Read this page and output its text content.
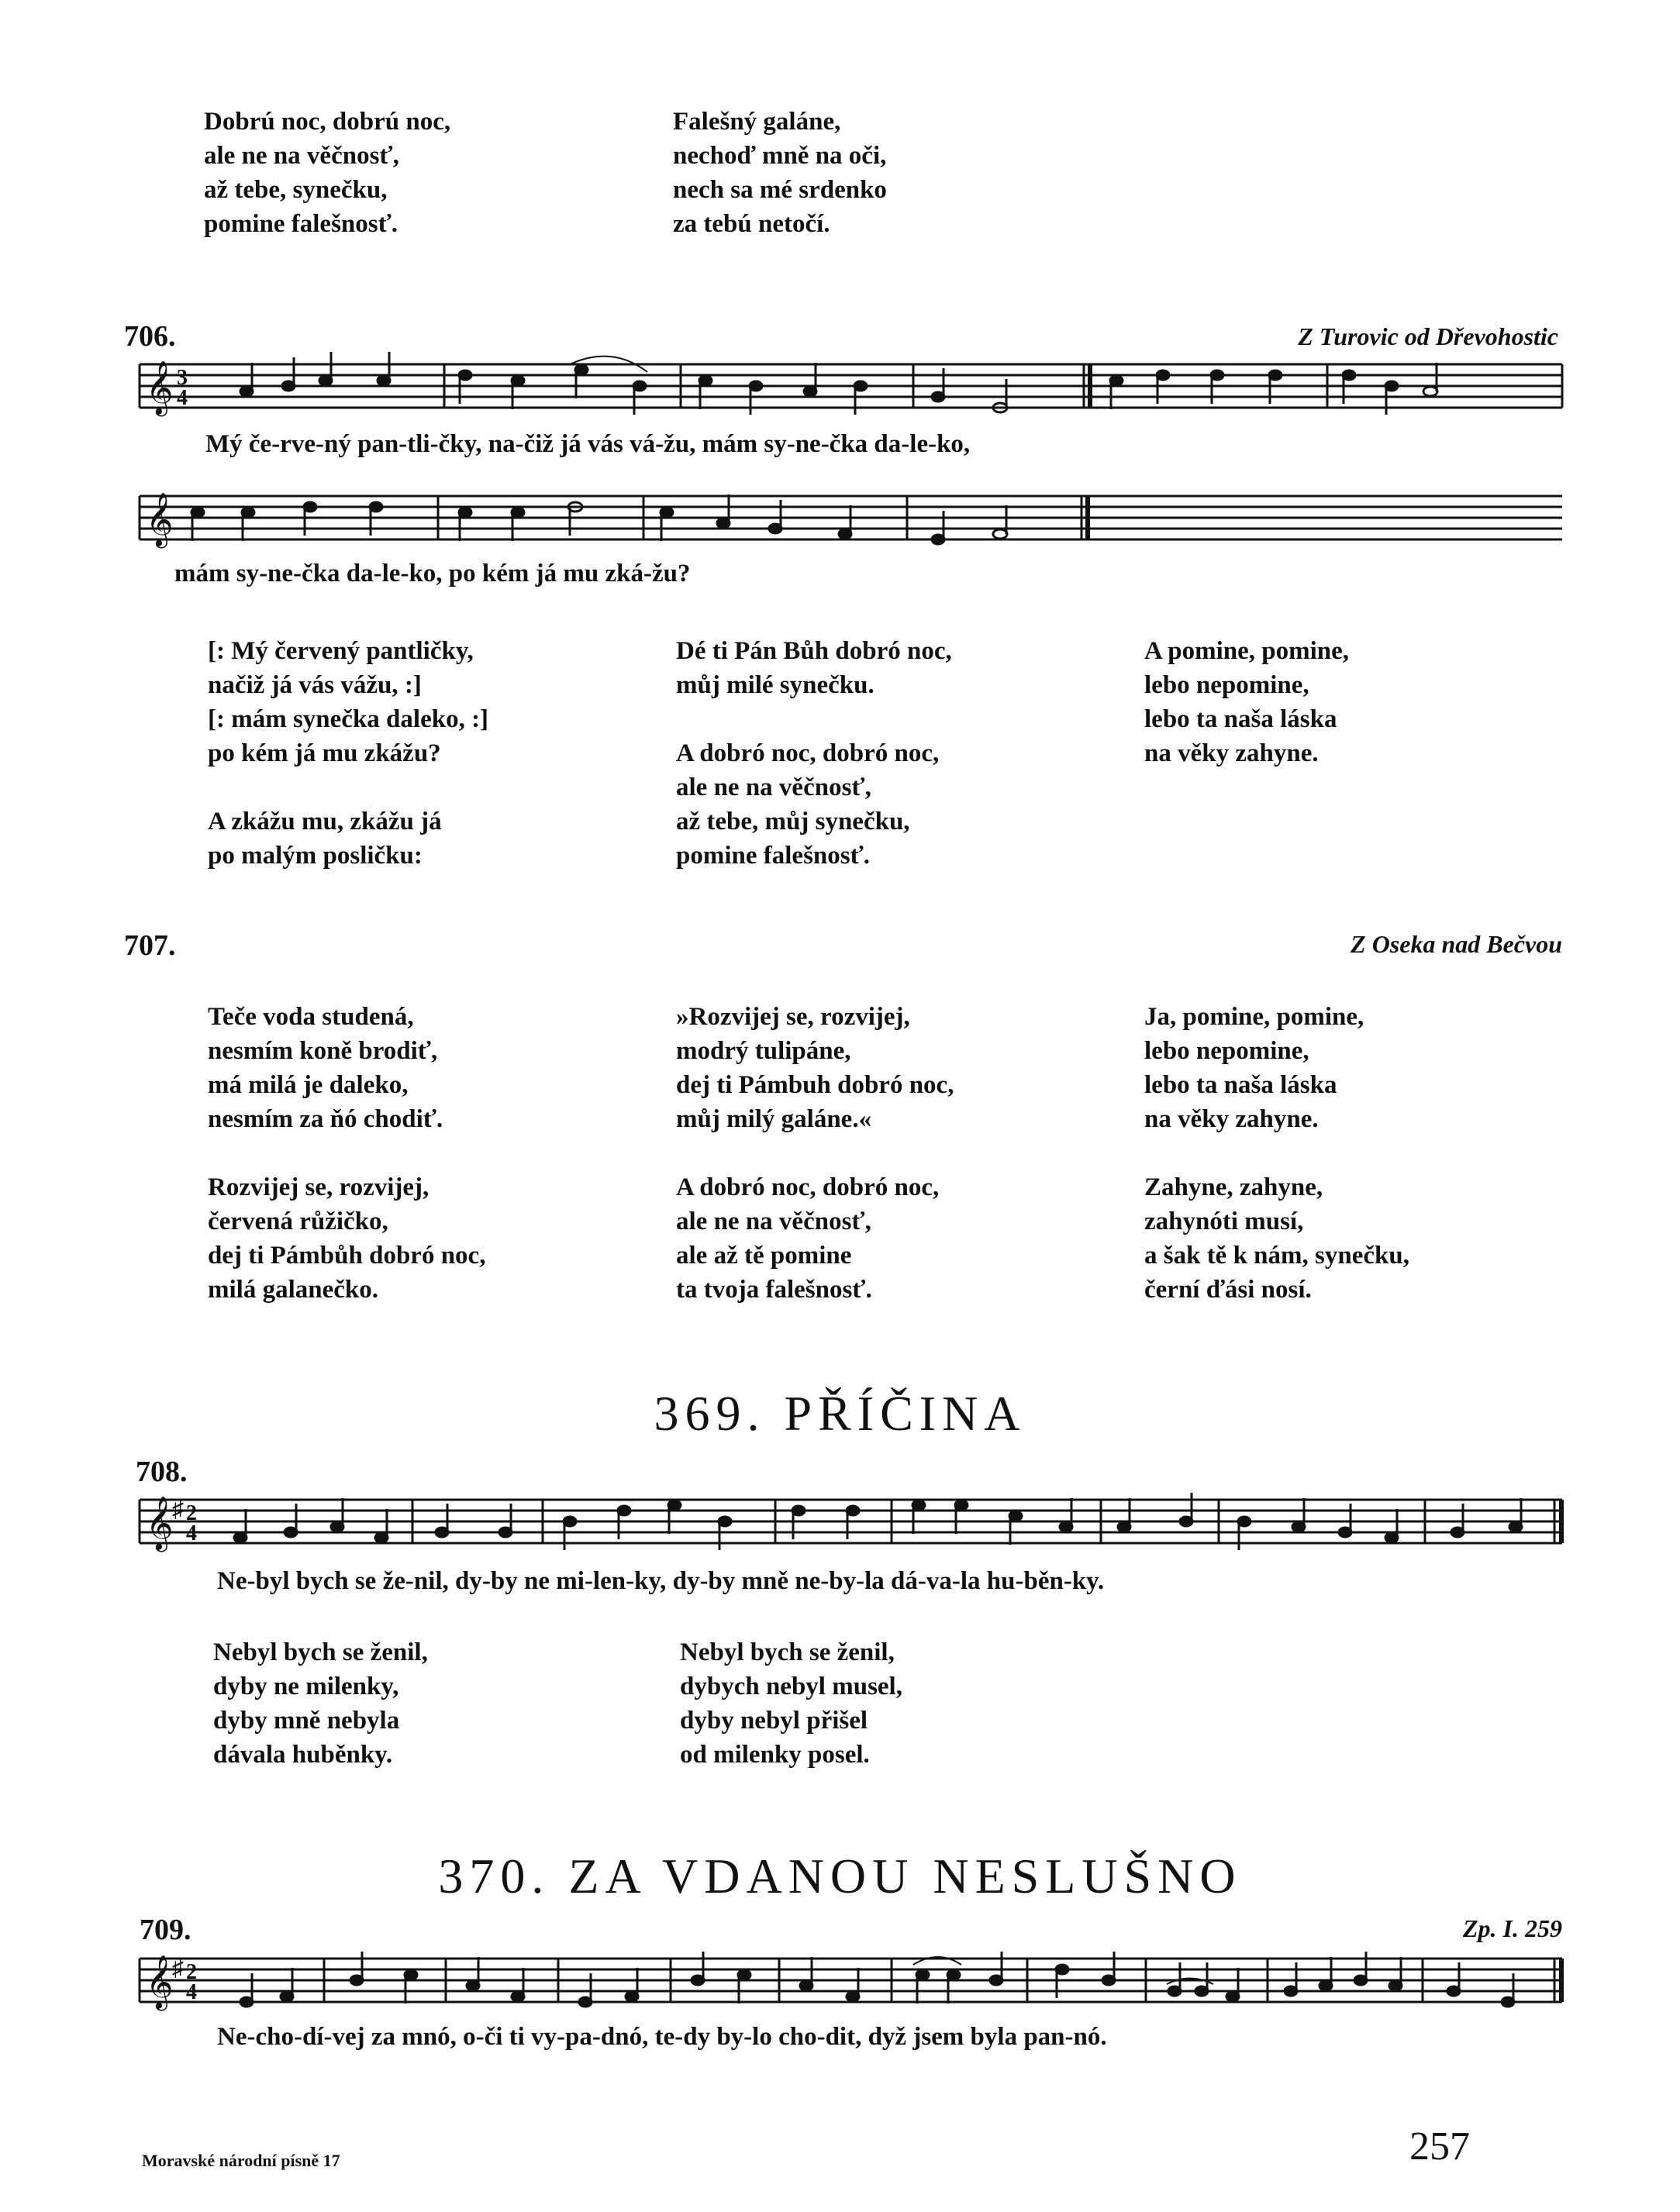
Dobrú noc, dobrú noc,
ale ne na věčnosť,
až tebe, synečku,
pomine falešnosť.
Falešný galáne,
nechoď mně na oči,
nech sa mé srdenko
za tebú netočí.
706.	Z Turovic od Dřevohostic
𝄞 3
4
𝄞
𝄞
♯ 2
4
𝄞
♯ 2
4
Mý če-rve-ný pan-tli-čky, na-čiž já vás vá-žu, mám sy-ne-čka da-le-ko,
mám sy-ne-čka da-le-ko, po kém já mu zká-žu?
[: Mý červený pantličky,
načiž já vás vážu, :]
[: mám synečka daleko, :]
po kém já mu zkážu?
A zkážu mu, zkážu já
po malým posličku:
Dé ti Pán Bůh dobró noc,
můj milé synečku.
A dobró noc, dobró noc,
ale ne na věčnosť,
až tebe, můj synečku,
pomine falešnosť.
A pomine, pomine,
lebo nepomine,
lebo ta naša láska
na věky zahyne.
707.	Z Oseka nad Bečvou
Teče voda studená,
nesmím koně brodiť,
má milá je daleko,
nesmím za ňó chodiť.
Rozvijej se, rozvijej,
červená růžičko,
dej ti Pámbůh dobró noc,
milá galanečko.
»Rozvijej se, rozvijej,
modrý tulipáne,
dej ti Pámbuh dobró noc,
můj milý galáne.«
A dobró noc, dobró noc,
ale ne na věčnosť,
ale až tě pomine
ta tvoja falešnosť.
Ja, pomine, pomine,
lebo nepomine,
lebo ta naša láska
na věky zahyne.
Zahyne, zahyne,
zahynóti musí,
a šak tě k nám, synečku,
černí ďási nosí.
369. PŘÍČINA
708.
Ne-byl bych se že-nil, dy-by ne mi-len-ky, dy-by mně ne-by-la dá-va-la hu-běn-ky.
Nebyl bych se ženil,
dyby ne milenky,
dyby mně nebyla
dávala huběnky.
Nebyl bych se ženil,
dybych nebyl musel,
dyby nebyl přišel
od milenky posel.
370. ZA VDANOU NESLUŠNO
709.	Zp. I. 259
Ne-cho-dí-vej za mnó, o-či ti vy-pa-dnó, te-dy by-lo cho-dit, dyž jsem byla pan-nó.
Moravské národní písně 17	257
